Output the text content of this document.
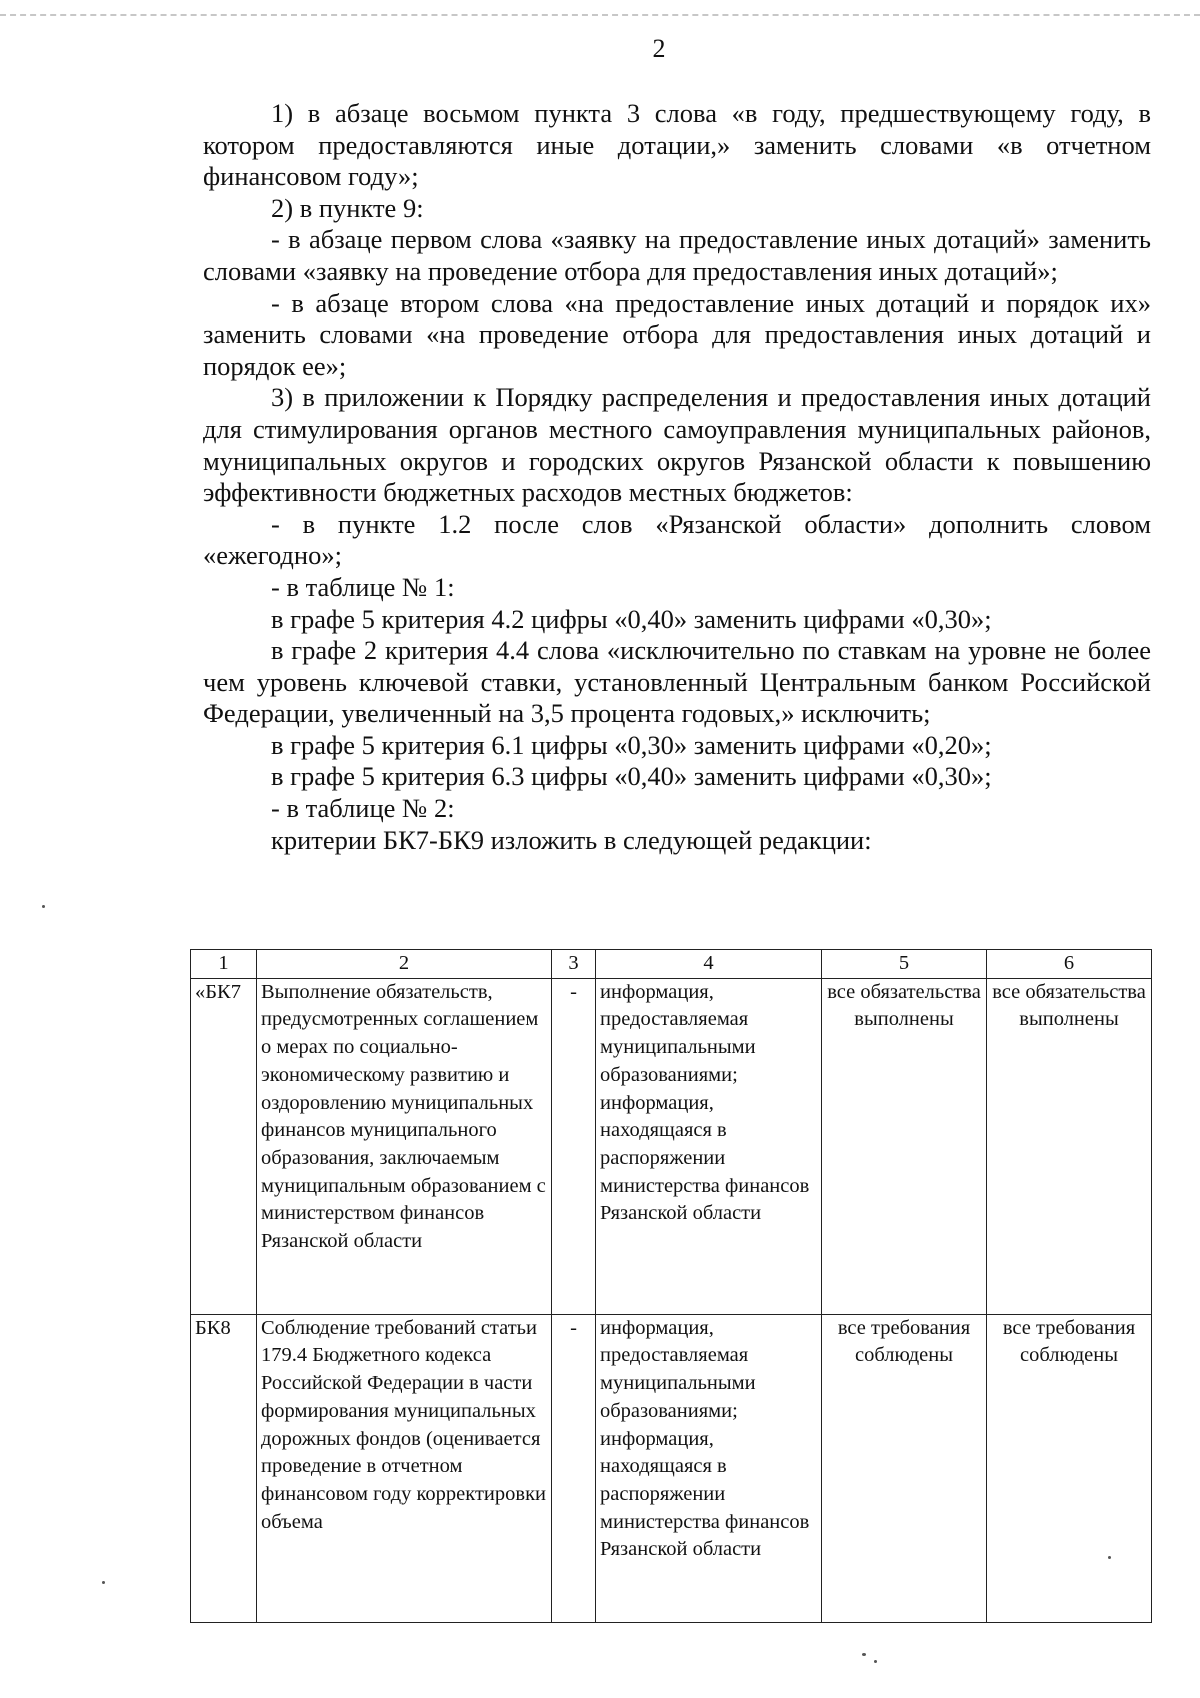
2

1) в абзаце восьмом пункта 3 слова «в году, предшествующему году, в котором предоставляются иные дотации,» заменить словами «в отчетном финансовом году»;

2) в пункте 9:

- в абзаце первом слова «заявку на предоставление иных дотаций» заменить словами «заявку на проведение отбора для предоставления иных дотаций»;

- в абзаце втором слова «на предоставление иных дотаций и порядок их» заменить словами «на проведение отбора для предоставления иных дотаций и порядок ее»;

3) в приложении к Порядку распределения и предоставления иных дотаций для стимулирования органов местного самоуправления муниципальных районов, муниципальных округов и городских округов Рязанской области к повышению эффективности бюджетных расходов местных бюджетов:

- в пункте 1.2 после слов «Рязанской области» дополнить словом «ежегодно»;

- в таблице № 1:

в графе 5 критерия 4.2 цифры «0,40» заменить цифрами «0,30»;

в графе 2 критерия 4.4 слова «исключительно по ставкам на уровне не более чем уровень ключевой ставки, установленный Центральным банком Российской Федерации, увеличенный на 3,5 процента годовых,» исключить;

в графе 5 критерия 6.1 цифры «0,30» заменить цифрами «0,20»;

в графе 5 критерия 6.3 цифры «0,40» заменить цифрами «0,30»;

- в таблице № 2:

критерии БК7-БК9 изложить в следующей редакции:

1	2	3	4	5	6
«БК7	Выполнение обязательств, предусмотренных соглашением о мерах по социально-экономическому развитию и оздоровлению муниципальных финансов муниципального образования, заключаемым муниципальным образованием с министерством финансов Рязанской области	-	информация, предоставляемая муниципальными образованиями; информация, находящаяся в распоряжении министерства финансов Рязанской области	все обязательства выполнены	все обязательства выполнены
БК8	Соблюдение требований статьи 179.4 Бюджетного кодекса Российской Федерации в части формирования муниципальных дорожных фондов (оценивается проведение в отчетном финансовом году корректировки объема	-	информация, предоставляемая муниципальными образованиями; информация, находящаяся в распоряжении министерства финансов Рязанской области	все требования соблюдены	все требования соблюдены
